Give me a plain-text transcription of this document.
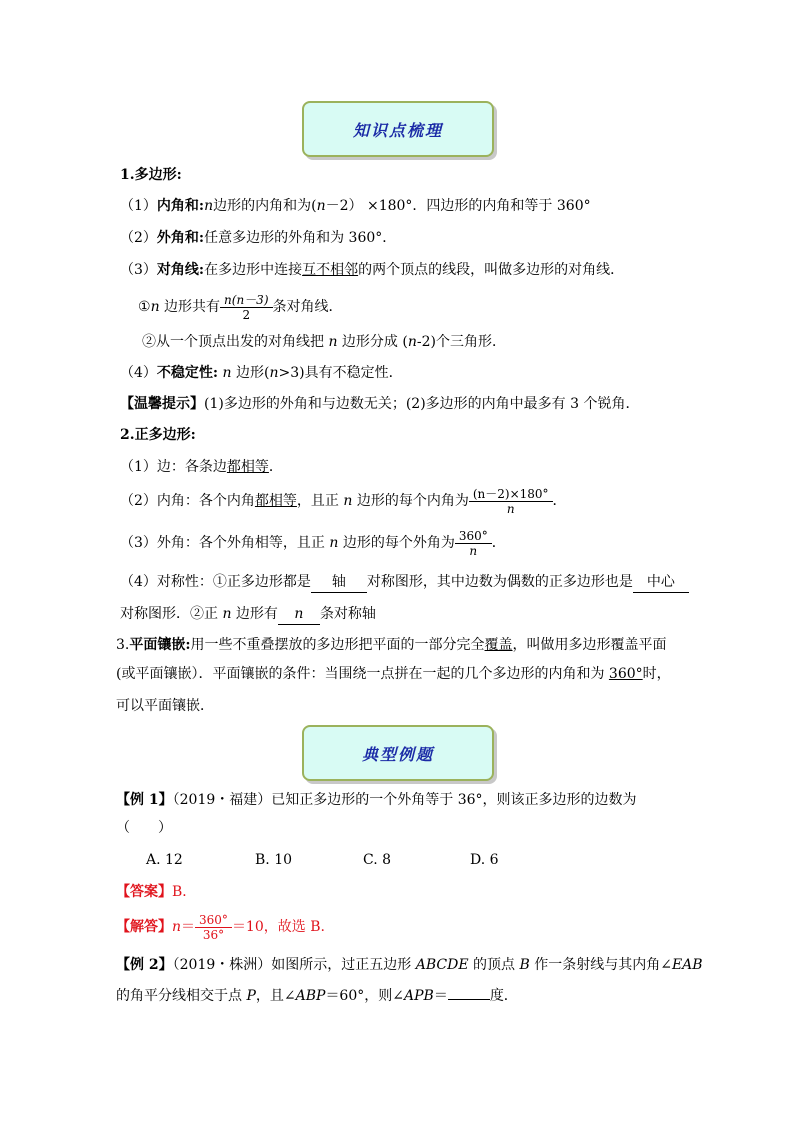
知识点梳理
1.多边形:
（1）内角和:n边形的内角和为(n－2） ×180°．四边形的内角和等于 360°
（2）外角和:任意多边形的外角和为 360°．
（3）对角线:在多边形中连接互不相邻的两个顶点的线段，叫做多边形的对角线．
①n 边形共有 $\frac{n(n-3)}{2}$ 条对角线．
②从一个顶点出发的对角线把 n 边形分成 (n-2)个三角形．
（4）不稳定性: n 边形(n>3)具有不稳定性．
【温馨提示】(1)多边形的外角和与边数无关；(2)多边形的内角中最多有 3 个锐角．
2.正多边形:
（1）边：各条边都相等．
（2）内角：各个内角都相等，且正 n 边形的每个内角为 $\frac{(n-2)\times 180^\circ}{n}$ ．
（3）外角：各个外角相等，且正 n 边形的每个外角为 $\frac{360^\circ}{n}$ ．
（4）对称性：①正多边形都是 轴 对称图形，其中边数为偶数的正多边形也是 中心
对称图形．②正 n 边形有 n 条对称轴
3.平面镶嵌:用一些不重叠摆放的多边形把平面的一部分完全覆盖，叫做用多边形覆盖平面
(或平面镶嵌）．平面镶嵌的条件：当围绕一点拼在一起的几个多边形的内角和为 360°时，
可以平面镶嵌．
典型例题
【例 1】（2019・福建）已知正多边形的一个外角等于 36°，则该正多边形的边数为
（　　）
A. 12	B. 10	C. 8	D. 6
【答案】B．
【解答】$n= \frac{360^\circ}{36^\circ} =10$，故选 B.
【例 2】（2019・株洲）如图所示，过正五边形 ABCDE 的顶点 B 作一条射线与其内角∠EAB
的角平分线相交于点 P，且∠ABP＝60°，则∠APB＝	度．
